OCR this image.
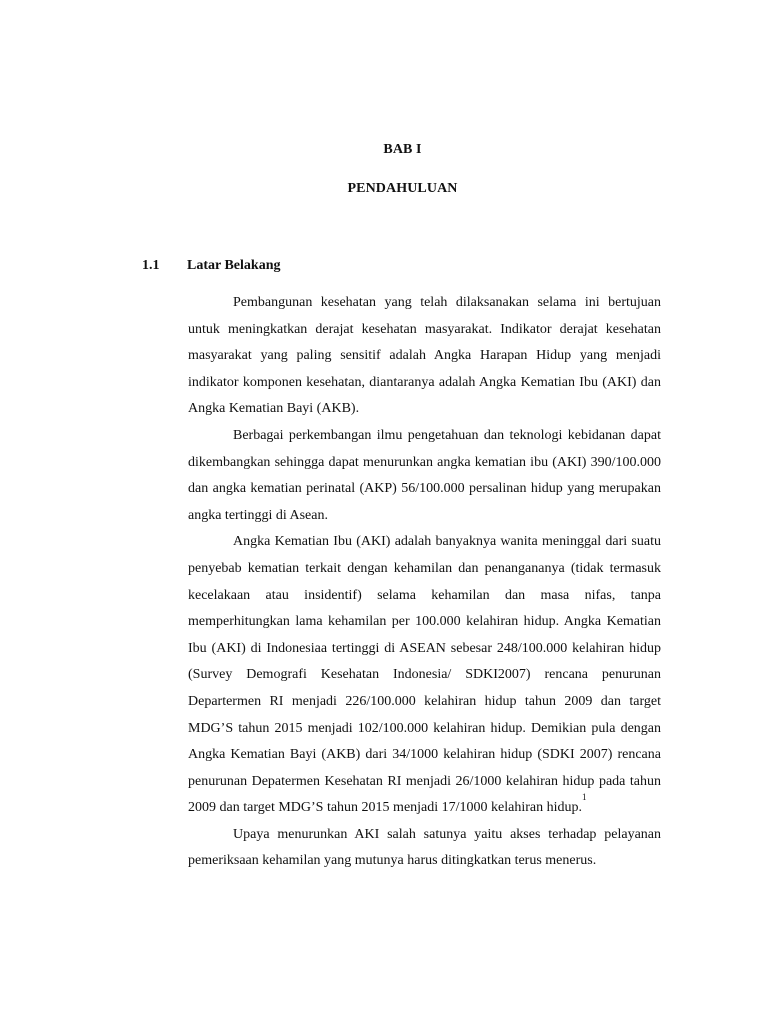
BAB I
PENDAHULUAN
1.1 Latar Belakang

Pembangunan kesehatan yang telah dilaksanakan selama ini bertujuan untuk meningkatkan derajat kesehatan masyarakat. Indikator derajat kesehatan masyarakat yang paling sensitif adalah Angka Harapan Hidup yang menjadi indikator komponen kesehatan, diantaranya adalah Angka Kematian Ibu (AKI) dan Angka Kematian Bayi (AKB).

Berbagai perkembangan ilmu pengetahuan dan teknologi kebidanan dapat dikembangkan sehingga dapat menurunkan angka kematian ibu (AKI) 390/100.000 dan angka kematian perinatal (AKP) 56/100.000 persalinan hidup yang merupakan angka tertinggi di Asean.

Angka Kematian Ibu (AKI) adalah banyaknya wanita meninggal dari suatu penyebab kematian terkait dengan kehamilan dan penangananya (tidak termasuk kecelakaan atau insidentif) selama kehamilan dan masa nifas, tanpa memperhitungkan lama kehamilan per 100.000 kelahiran hidup. Angka Kematian Ibu (AKI) di Indonesiaa tertinggi di ASEAN sebesar 248/100.000 kelahiran hidup (Survey Demografi Kesehatan Indonesia/ SDKI2007) rencana penurunan Departermen RI menjadi 226/100.000 kelahiran hidup tahun 2009 dan target MDG’S tahun 2015 menjadi 102/100.000 kelahiran hidup. Demikian pula dengan Angka Kematian Bayi (AKB) dari 34/1000 kelahiran hidup (SDKI 2007) rencana penurunan Depatermen Kesehatan RI menjadi 26/1000 kelahiran hidup pada tahun 2009 dan target MDG’S tahun 2015 menjadi 17/1000 kelahiran hidup.$^1$

Upaya menurunkan AKI salah satunya yaitu akses terhadap pelayanan pemeriksaan kehamilan yang mutunya harus ditingkatkan terus menerus.
